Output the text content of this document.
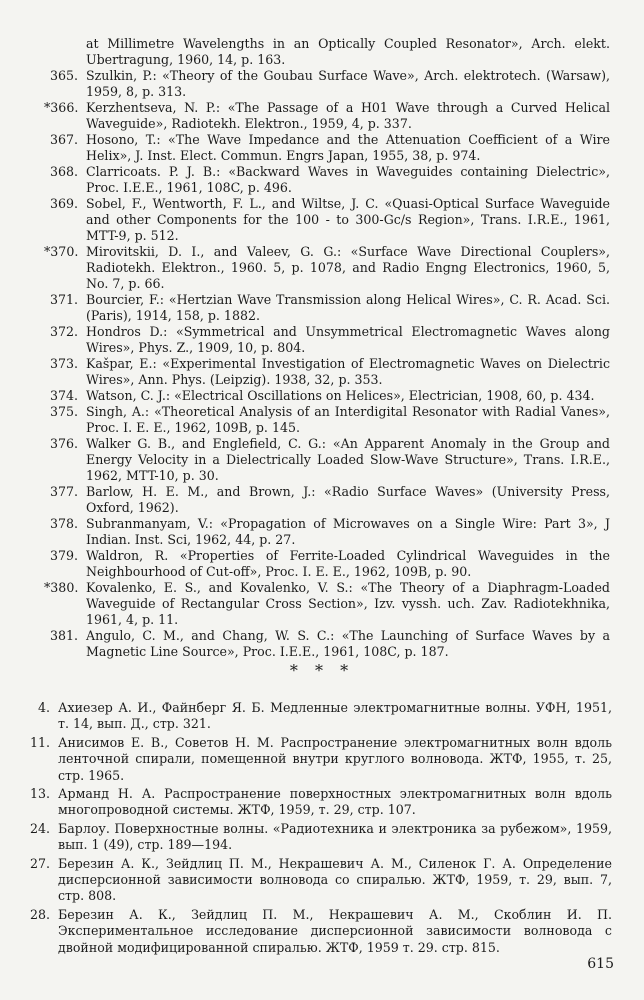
at Millimetre Wavelengths in an Optically Coupled Resonator», Arch. elekt. Ubertragung, 1960, 14, p. 163.
365. Szulkin, P.: «Theory of the Goubau Surface Wave», Arch. elektrotech. (Warsaw), 1959, 8, p. 313.
*366. Kerzhentseva, N. P.: «The Passage of a H01 Wave through a Curved Helical Waveguide», Radiotekh. Elektron., 1959, 4, p. 337.
367. Hosono, T.: «The Wave Impedance and the Attenuation Coefficient of a Wire Helix», J. Inst. Elect. Commun. Engrs Japan, 1955, 38, p. 974.
368. Clarricoats. P. J. B.: «Backward Waves in Waveguides containing Dielectric», Proc. I.E.E., 1961, 108C, p. 496.
369. Sobel, F., Wentworth, F. L., and Wiltse, J. C. «Quasi-Optical Surface Waveguide and other Components for the 100 - to 300-Gc/s Region», Trans. I.R.E., 1961, MTT-9, p. 512.
*370. Mirovitskii, D. I., and Valeev, G. G.: «Surface Wave Directional Couplers», Radiotekh. Elektron., 1960. 5, p. 1078, and Radio Engng Electronics, 1960, 5, No. 7, p. 66.
371. Bourcier, F.: «Hertzian Wave Transmission along Helical Wires», C. R. Acad. Sci. (Paris), 1914, 158, p. 1882.
372. Hondros D.: «Symmetrical and Unsymmetrical Electromagnetic Waves along Wires», Phys. Z., 1909, 10, p. 804.
373. Kašpar, E.: «Experimental Investigation of Electromagnetic Waves on Dielectric Wires», Ann. Phys. (Leipzig). 1938, 32, p. 353.
374. Watson, C. J.: «Electrical Oscillations on Helices», Electrician, 1908, 60, p. 434.
375. Singh, A.: «Theoretical Analysis of an Interdigital Resonator with Radial Vanes», Proc. I. E. E., 1962, 109B, p. 145.
376. Walker G. B., and Englefield, C. G.: «An Apparent Anomaly in the Group and Energy Velocity in a Dielectrically Loaded Slow-Wave Structure», Trans. I.R.E., 1962, MTT-10, p. 30.
377. Barlow, H. E. M., and Brown, J.: «Radio Surface Waves» (University Press, Oxford, 1962).
378. Subranmanyam, V.: «Propagation of Microwaves on a Single Wire: Part 3», J Indian. Inst. Sci, 1962, 44, p. 27.
379. Waldron, R. «Properties of Ferrite-Loaded Cylindrical Waveguides in the Neighbourhood of Cut-off», Proc. I. E. E., 1962, 109B, p. 90.
*380. Kovalenko, E. S., and Kovalenko, V. S.: «The Theory of a Diaphragm-Loaded Waveguide of Rectangular Cross Section», Izv. vyssh. uch. Zav. Radiotekhnika, 1961, 4, p. 11.
381. Angulo, C. M., and Chang, W. S. C.: «The Launching of Surface Waves by a Magnetic Line Source», Proc. I.E.E., 1961, 108C, p. 187.
* * *
4. Ахиезер А. И., Файнберг Я. Б. Медленные электромагнитные волны. УФН, 1951, т. 14, вып. Д., стр. 321.
11. Анисимов Е. В., Советов Н. М. Распространение электромагнитных волн вдоль ленточной спирали, помещенной внутри круглого волновода. ЖТФ, 1955, т. 25, стр. 1965.
13. Арманд Н. А. Распространение поверхностных электромагнитных волн вдоль многопроводной системы. ЖТФ, 1959, т. 29, стр. 107.
24. Барлоу. Поверхностные волны. «Радиотехника и электроника за рубежом», 1959, вып. 1 (49), стр. 189—194.
27. Березин А. К., Зейдлиц П. М., Некрашевич А. М., Силенок Г. А. Определение дисперсионной зависимости волновода со спиралью. ЖТФ, 1959, т. 29, вып. 7, стр. 808.
28. Березин А. К., Зейдлиц П. М., Некрашевич А. М., Скоблин И. П. Экспериментальное исследование дисперсионной зависимости волновода с двойной модифицированной спиралью. ЖТФ, 1959 т. 29. стр. 815.
615
